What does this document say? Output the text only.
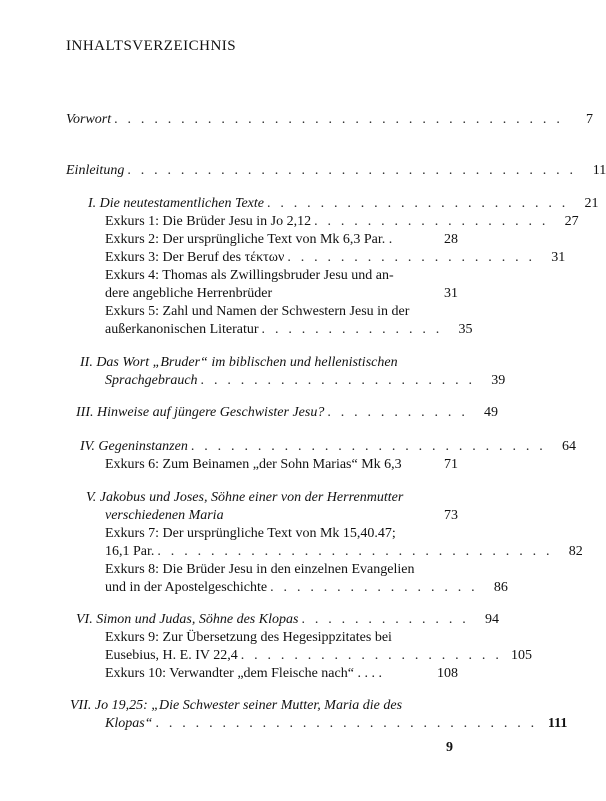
INHALTSVERZEICHNIS
Vorwort . . . . . . . . . . . . . . . . . . . . . . . . . . . . . . . . . .	7
Einleitung . . . . . . . . . . . . . . . . . . . . . . . . . . . . . . . . . .	11
I. Die neutestamentlichen Texte . . . . . . . . . . . . . . . . . . . . . . .	21
Exkurs 1: Die Brüder Jesu in Jo 2,12 . . . . . . . . . . . . . . . . . .	27
Exkurs 2: Der ursprüngliche Text von Mk 6,3 Par. .	28
Exkurs 3: Der Beruf des τέκτων . . . . . . . . . . . . . . . . . . .	31
Exkurs 4: Thomas als Zwillingsbruder Jesu und an-
dere angebliche Herrenbrüder	31
Exkurs 5: Zahl und Namen der Schwestern Jesu in der
außerkanonischen Literatur . . . . . . . . . . . . . .	35
II. Das Wort „Bruder“ im biblischen und hellenistischen
Sprachgebrauch . . . . . . . . . . . . . . . . . . . . .	39
III. Hinweise auf jüngere Geschwister Jesu? . . . . . . . . . . .	49
IV. Gegeninstanzen . . . . . . . . . . . . . . . . . . . . . . . . . . .	64
Exkurs 6: Zum Beinamen „der Sohn Marias“ Mk 6,3	71
V. Jakobus und Joses, Söhne einer von der Herrenmutter
verschiedenen Maria	73
Exkurs 7: Der ursprüngliche Text von Mk 15,40.47;
16,1 Par. . . . . . . . . . . . . . . . . . . . . . . . . . . . . . .	82
Exkurs 8: Die Brüder Jesu in den einzelnen Evangelien
und in der Apostelgeschichte . . . . . . . . . . . . . . . .	86
VI. Simon und Judas, Söhne des Klopas . . . . . . . . . . . . .	94
Exkurs 9: Zur Übersetzung des Hegesippzitates bei
Eusebius, H. E. IV 22,4 . . . . . . . . . . . . . . . . . . . . 105
Exkurs 10: Verwandter „dem Fleische nach“ . . . .	108
VII. Jo 19,25: „Die Schwester seiner Mutter, Maria die des
Klopas“ . . . . . . . . . . . . . . . . . . . . . . . . . . . . . 111
9
